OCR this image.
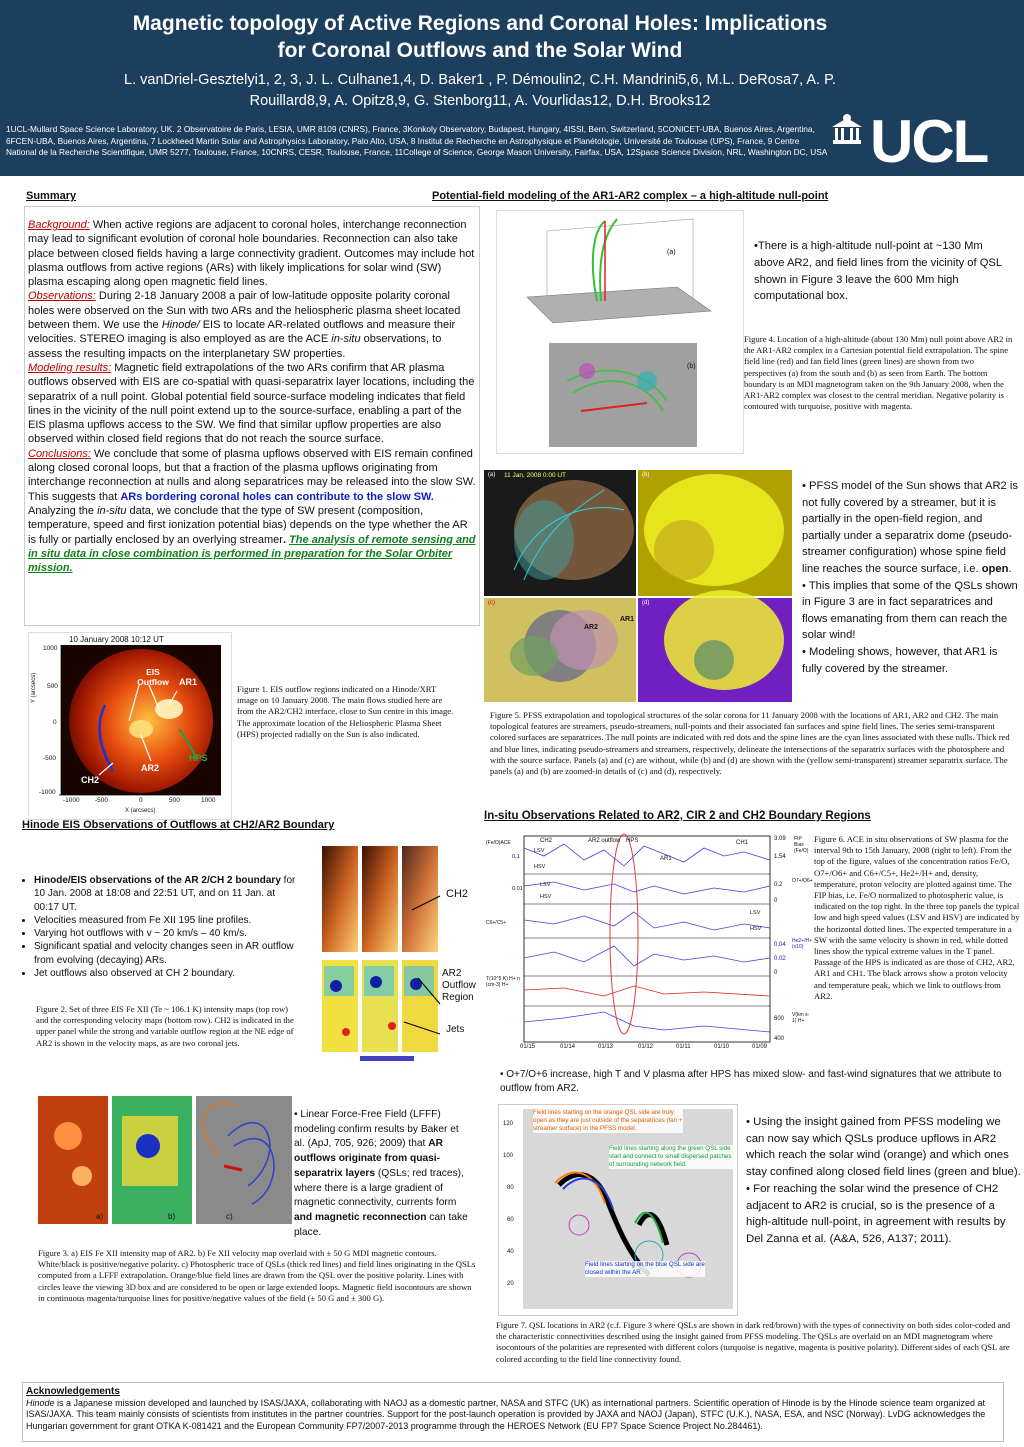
Magnetic topology of Active Regions and Coronal Holes: Implications
for Coronal Outflows and the Solar Wind
L. vanDriel-Gesztelyi1, 2, 3, J. L. Culhane1,4, D. Baker1 , P. Démoulin2, C.H. Mandrini5,6, M.L. DeRosa7, A. P.
Rouillard8,9, A. Opitz8,9, G. Stenborg11, A. Vourlidas12, D.H. Brooks12
1UCL-Mullard Space Science Laboratory, UK. 2 Observatoire de Paris, LESIA, UMR 8109 (CNRS), France, 3Konkoly Observatory, Budapest, Hungary, 4ISSI, Bern, Switzerland, 5CONICET-UBA, Buenos Aires, Argentina,
6FCEN-UBA, Buenos Aires, Argentina, 7 Lockheed Martin Solar and Astrophysics Laboratory, Palo Alto, USA, 8 Institut de Recherche en Astrophysique et Planétologie, Université de Toulouse (UPS), France, 9 Centre
National de la Recherche Scientifique, UMR 5277, Toulouse, France, 10CNRS, CESR, Toulouse, France, 11College of Science, George Mason University, Fairfax, USA, 12Space Science Division, NRL, Washington DC, USA UCL
Summary
Background: When active regions are adjacent to coronal holes, interchange reconnection may lead to significant evolution of coronal hole boundaries. Reconnection can also take place between closed fields having a large connectivity gradient. Outcomes may include hot plasma outflows from active regions (ARs) with likely implications for solar wind (SW) plasma escaping along open magnetic field lines.
Observations: During 2-18 January 2008 a pair of low-latitude opposite polarity coronal holes were observed on the Sun with two ARs and the heliospheric plasma sheet located between them. We use the Hinode/ EIS to locate AR-related outflows and measure their velocities. STEREO imaging is also employed as are the ACE in-situ observations, to assess the resulting impacts on the interplanetary SW properties.
Modeling results: Magnetic field extrapolations of the two ARs confirm that AR plasma outflows observed with EIS are co-spatial with quasi-separatrix layer locations, including the separatrix of a null point. Global potential field source-surface modeling indicates that field lines in the vicinity of the null point extend up to the source-surface, enabling a part of the EIS plasma upflows access to the SW. We find that similar upflow properties are also observed within closed field regions that do not reach the source surface.
Conclusions: We conclude that some of plasma upflows observed with EIS remain confined along closed coronal loops, but that a fraction of the plasma upflows originating from interchange reconnection at nulls and along separatrices may be released into the slow SW. This suggests that ARs bordering coronal holes can contribute to the slow SW. Analyzing the in-situ data, we conclude that the type of SW present (composition, temperature, speed and first ionization potential bias) depends on the type whether the AR is fully or partially enclosed by an overlying streamer. The analysis of remote sensing and in situ data in close combination is performed in preparation for the Solar Orbiter mission.
10 January 2008 10:12 UT
EIS Outflow	AR1
AR2
CH2
HPS
Y (arcsecs)
1000
500
0
-500
-1000
-1000 -500	0	500	1000
X (arcsecs)
Figure 1. EIS outflow regions indicated on a Hinode/XRT image on 10 January 2008. The main flows studied here are from the AR2/CH2 interface, close to Sun centre in this image. The approximate location of the Heliospheric Plasma Sheet (HPS) projected radially on the Sun is also indicated.
Hinode EIS Observations of Outflows at CH2/AR2 Boundary
• Hinode/EIS observations of the AR 2/CH 2 boundary for 10 Jan. 2008 at 18:08 and 22:51 UT, and on 11 Jan. at 00:17 UT.
• Velocities measured from Fe XII 195 line profiles.
• Varying hot outflows with v ~ 20 km/s – 40 km/s.
• Significant spatial and velocity changes seen in AR outflow from evolving (decaying) ARs.
• Jet outflows also observed at CH 2 boundary.
CH2
AR2 Outflow Region
Jets
Figure 2. Set of three EIS Fe XII (Te ~ 106.1 K) intensity maps (top row) and the corresponding velocity maps (bottom row). CH2 is indicated in the upper panel while the strong and variable outflow region at the NE edge of AR2 is shown in the velocity maps, as are two coronal jets.
a)	b)	c)
• Linear Force-Free Field (LFFF) modeling confirm results by Baker et al. (ApJ, 705, 926; 2009) that AR outflows originate from quasi-separatrix layers (QSLs; red traces), where there is a large gradient of magnetic connectivity, currents form and magnetic reconnection can take place.
Figure 3. a) EIS Fe XII intensity map of AR2. b) Fe XII velocity map overlaid with ± 50 G MDI magnetic contours. White/black is positive/negative polarity. c) Photospheric trace of QSLs (thick red lines) and field lines originating in the QSLs computed from a LFFF extrapolation. Orange/blue field lines are drawn from the QSL over the positive polarity. Lines with circles leave the viewing 3D box and are considered to be open or large extended loops. Magnetic field isocontours are shown in continuous magenta/turquoise lines for positive/negative values of the field (± 50 G and ± 300 G).
Potential-field modeling of the AR1-AR2 complex – a high-altitude null-point
(a)
(b)
•There is a high-altitude null-point at ~130 Mm above AR2, and field lines from the vicinity of QSL shown in Figure 3 leave the 600 Mm high computational box.
Figure 4. Location of a high-altitude (about 130 Mm) null point above AR2 in the AR1-AR2 complex in a Cartesian potential field extrapolation. The spine field line (red) and fan field lines (green lines) are shown from two perspectives (a) from the south and (b) as seen from Earth. The bottom boundary is an MDI magnetogram taken on the 9th January 2008, when the AR1-AR2 complex was closest to the central meridian. Negative polarity is contoured with turquoise, positive with magenta.
(a) 11 Jan. 2008 0:00 UT	(b)
(c)	(d)
AR2
AR1
• PFSS model of the Sun shows that AR2 is not fully covered by a streamer, but it is partially in the open-field region, and partially under a separatrix dome (pseudo-streamer configuration) whose spine field line reaches the source surface, i.e. open.
• This implies that some of the QSLs shown in Figure 3 are in fact separatrices and flows emanating from them can reach the solar wind!
• Modeling shows, however, that AR1 is fully covered by the streamer.
Figure 5. PFSS extrapolation and topological structures of the solar corona for 11 January 2008 with the locations of AR1, AR2 and CH2. The main topological features are streamers, pseudo-streamers, null-points and their associated fan surfaces and spine field lines. The series semi-transparent colored surfaces are separatrices. The null points are indicated with red dots and the spine lines are the cyan lines associated with these nulls. Thick red and blue lines, indicating pseudo-streamers and streamers, respectively, delineate the intersections of the separatrix surfaces with the photosphere and with the source surface. Panels (a) and (c) are without, while (b) and (d) are shown with the (yellow semi-transparent) streamer separatrix surface. The panels (a) and (b) are zoomed-in details of (c) and (d), respectively.
In-situ Observations Related to AR2, CIR 2 and CH2 Boundary Regions
CH2	AR2 outflow HPS
AR1
CH1
LSV
HSV
LSV
HSV
LSV
HSV
3.09
1.54
0.2
0
0.04
0.02
0
600
400
FIP Bias (Fe/O)
O7+/O6+
He2+/H+ (x10)
V(km s-1) H+
(Fe/O)ACE
C6+/C5+
T(10^5 K) H+ n (cm-3) H+
0.1
0.01
01/15	01/14	01/13	01/12	01/11	01/10	01/09
Figure 6. ACE in situ observations of SW plasma for the interval 9th to 15th January, 2008 (right to left). From the top of the figure, values of the concentration ratios Fe/O, O7+/O6+ and C6+/C5+, He2+/H+ and, density, temperature, proton velocity are plotted against time. The FIP bias, i.e. Fe/O normalized to photospheric value, is indicated on the top right. In the three top panels the typical low and high speed values (LSV and HSV) are indicated by the horizontal dotted lines. The expected temperature in a SW with the same velocity is shown in red, while dotted lines show the typical extreme values in the T panel. Passage of the HPS is indicated as are those of CH2, AR2, AR1 and CH1. The black arrows show a proton velocity and temperature peak, which we link to outflows from AR2.
• O+7/O+6 increase, high T and V plasma after HPS has mixed slow- and fast-wind signatures that we attribute to outflow from AR2.
Field lines starting on the orange QSL side are truly open as they are just outside of the separatrices (fan + streamer surface) in the PFSS model.
Field lines starting along the green QSL side start and connect to small dispersed patches of surrounding network field.
Field lines starting on the blue QSL side are closed within the AR.
120
100
80
60
40
20
• Using the insight gained from PFSS modeling we can now say which QSLs produce upflows in AR2 which reach the solar wind (orange) and which ones stay confined along closed field lines (green and blue).
• For reaching the solar wind the presence of CH2 adjacent to AR2 is crucial, so is the presence of a high-altitude null-point, in agreement with results by Del Zanna et al. (A&A, 526, A137; 2011).
Figure 7. QSL locations in AR2 (c.f. Figure 3 where QSLs are shown in dark red/brown) with the types of connectivity on both sides color-coded and the characteristic connectivities described using the insight gained from PFSS modeling. The QSLs are overlaid on an MDI magnetogram where isocontours of the polarities are represented with different colors (turquoise is negative, magenta is positive polarity). Different sides of each QSL are colored according to the field line connectivity found.
Acknowledgements
Hinode is a Japanese mission developed and launched by ISAS/JAXA, collaborating with NAOJ as a domestic partner, NASA and STFC (UK) as international partners. Scientific operation of Hinode is by the Hinode science team organized at ISAS/JAXA. This team mainly consists of scientists from institutes in the partner countries. Support for the post-launch operation is provided by JAXA and NAOJ (Japan), STFC (U.K.), NASA, ESA, and NSC (Norway). LvDG acknowledges the Hungarian government for grant OTKA K-081421 and the European Community FP7/2007-2013 programme through the HEROES Network (EU FP7 Space Science Project No.284461).
